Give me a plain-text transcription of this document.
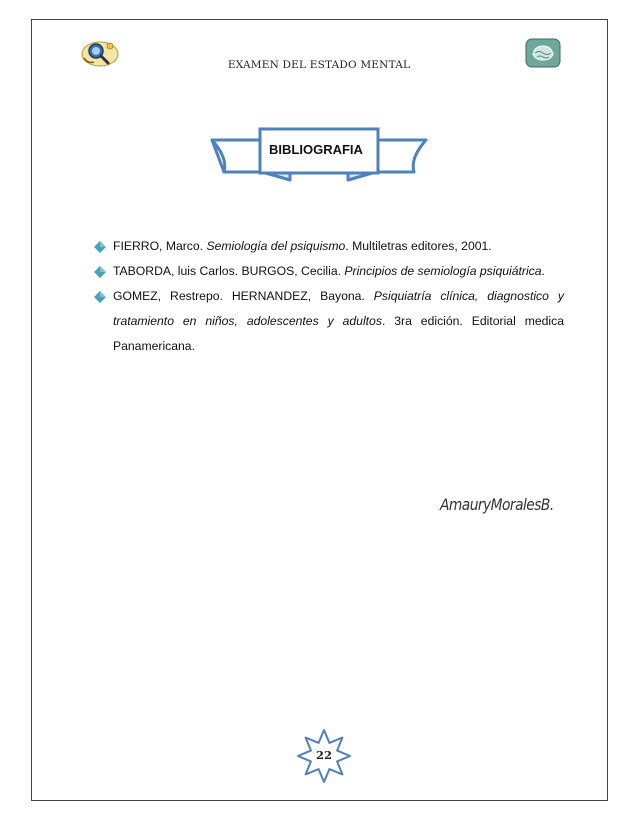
EXAMEN DEL ESTADO MENTAL
BIBLIOGRAFIA
FIERRO, Marco. Semiología del psiquismo. Multiletras editores, 2001.
TABORDA, luis Carlos. BURGOS, Cecilia. Principios de semiología psiquiátrica.
GOMEZ, Restrepo. HERNANDEZ, Bayona. Psiquiatría clínica, diagnostico y tratamiento en niños, adolescentes y adultos. 3ra edición. Editorial medica Panamericana.
AmauryMoralesB.
22
